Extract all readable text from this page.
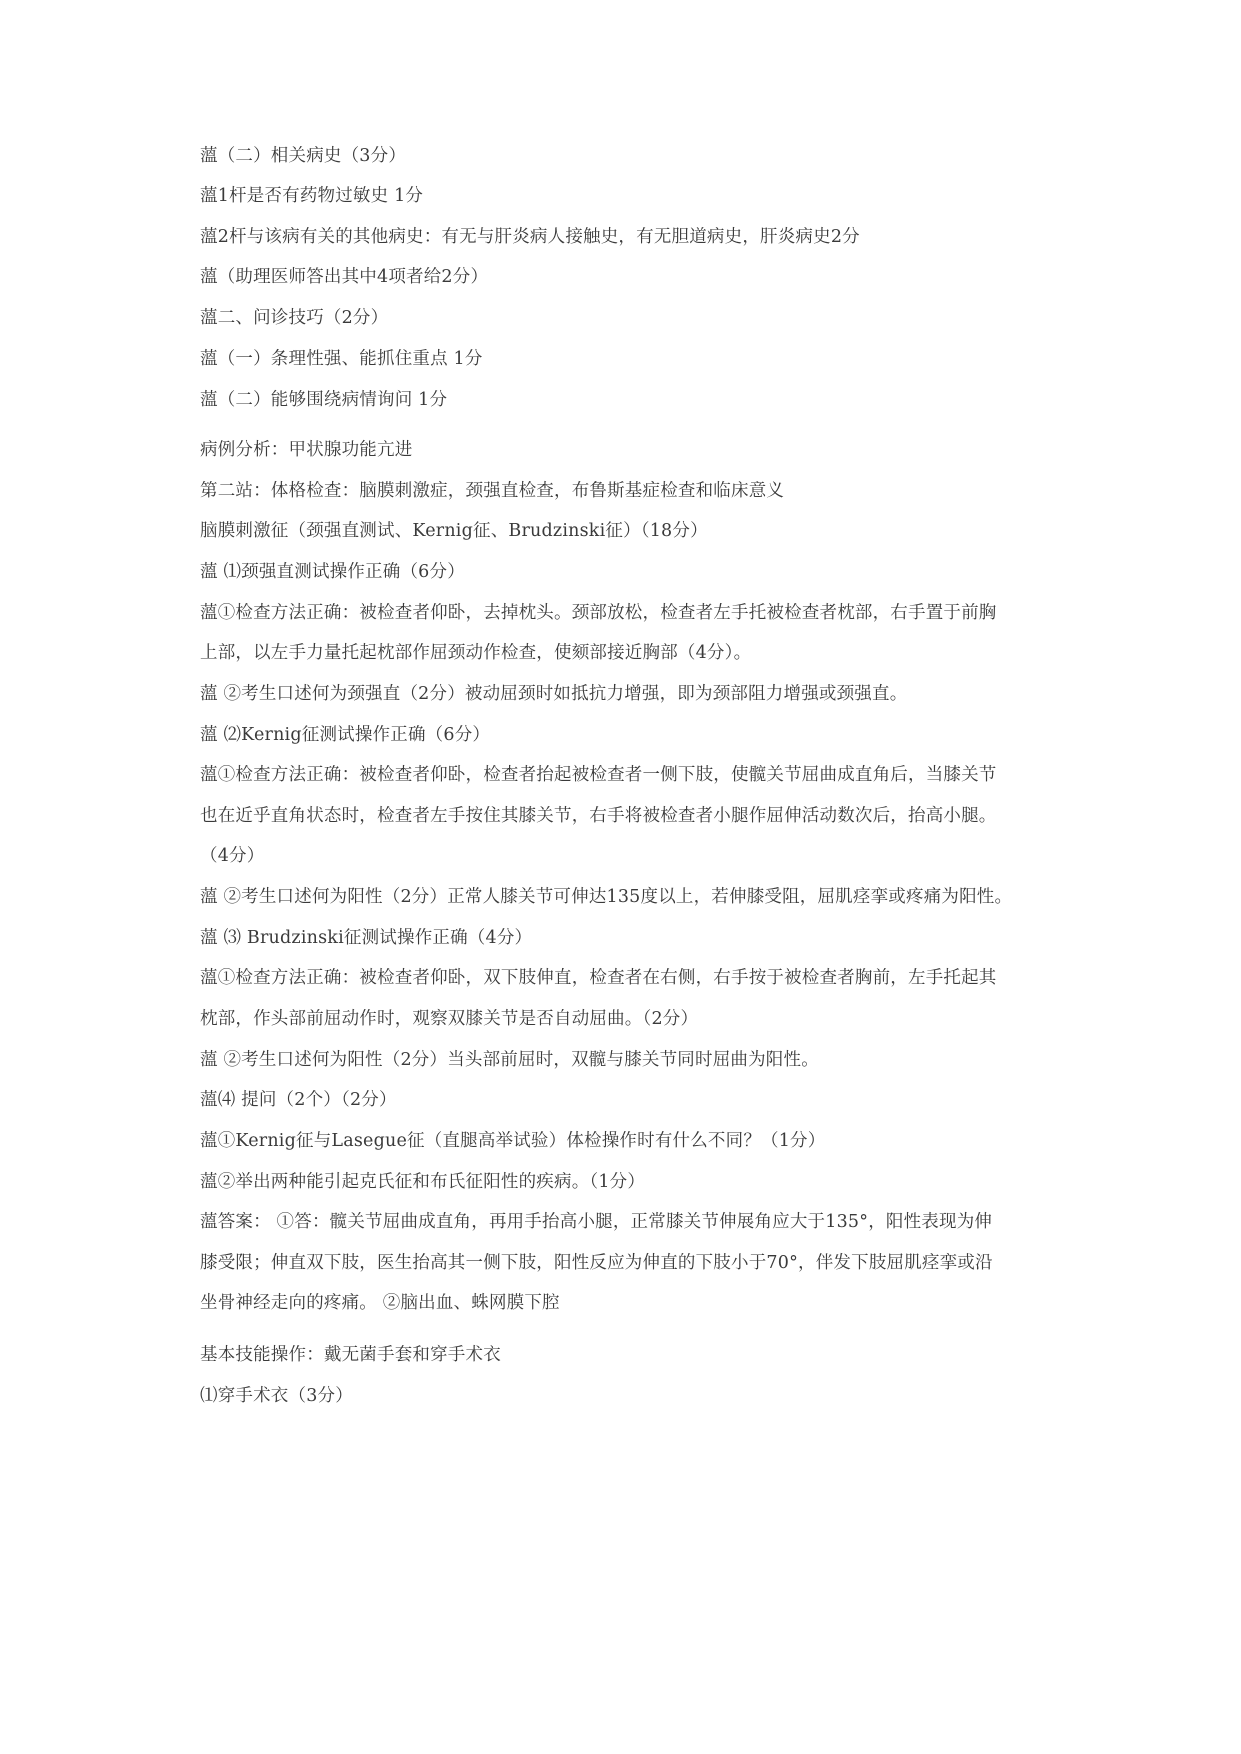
薀（二）相关病史（3分）
薀1杆是否有药物过敏史 1分
薀2杆与该病有关的其他病史：有无与肝炎病人接触史，有无胆道病史，肝炎病史2分
薀（助理医师答出其中4项者给2分）
薀二、问诊技巧（2分）
薀（一）条理性强、能抓住重点 1分
薀（二）能够围绕病情询问 1分
病例分析：甲状腺功能亢进
第二站：体格检查：脑膜刺激症，颈强直检查，布鲁斯基症检查和临床意义
脑膜刺激征（颈强直测试、Kernig征、Brudzinski征）（18分）
薀 ⑴颈强直测试操作正确（6分）
薀①检查方法正确：被检查者仰卧，去掉枕头。颈部放松，检查者左手托被检查者枕部，右手置于前胸
上部，以左手力量托起枕部作屈颈动作检查，使颏部接近胸部（4分）。
薀 ②考生口述何为颈强直（2分）被动屈颈时如抵抗力增强，即为颈部阻力增强或颈强直。
薀 ⑵Kernig征测试操作正确（6分）
薀①检查方法正确：被检查者仰卧，检查者抬起被检查者一侧下肢，使髋关节屈曲成直角后，当膝关节
也在近乎直角状态时，检查者左手按住其膝关节，右手将被检查者小腿作屈伸活动数次后，抬高小腿。
（4分）
薀 ②考生口述何为阳性（2分）正常人膝关节可伸达135度以上，若伸膝受阻，屈肌痉挛或疼痛为阳性。
薀 ⑶ Brudzinski征测试操作正确（4分）
薀①检查方法正确：被检查者仰卧，双下肢伸直，检查者在右侧，右手按于被检查者胸前，左手托起其
枕部，作头部前屈动作时，观察双膝关节是否自动屈曲。（2分）
薀 ②考生口述何为阳性（2分）当头部前屈时，双髋与膝关节同时屈曲为阳性。
薀⑷ 提问（2个）（2分）
薀①Kernig征与Lasegue征（直腿高举试验）体检操作时有什么不同？（1分）
薀②举出两种能引起克氏征和布氏征阳性的疾病。（1分）
薀答案： ①答：髋关节屈曲成直角，再用手抬高小腿，正常膝关节伸展角应大于135°，阳性表现为伸
膝受限；伸直双下肢，医生抬高其一侧下肢，阳性反应为伸直的下肢小于70°，伴发下肢屈肌痉挛或沿
坐骨神经走向的疼痛。 ②脑出血、蛛网膜下腔
基本技能操作：戴无菌手套和穿手术衣
⑴穿手术衣（3分）
